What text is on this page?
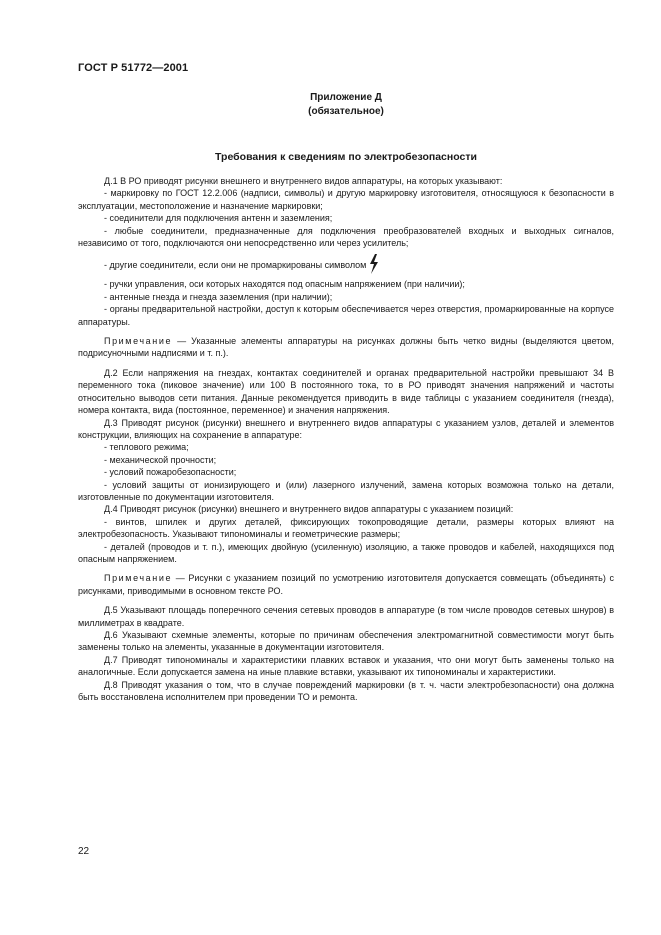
ГОСТ Р 51772—2001
Приложение Д
(обязательное)
Требования к сведениям по электробезопасности

Д.1 В РО приводят рисунки внешнего и внутреннего видов аппаратуры, на которых указывают:

- маркировку по ГОСТ 12.2.006 (надписи, символы) и другую маркировку изготовителя, относящуюся к безопасности в эксплуатации, местоположение и назначение маркировки;

- соединители для подключения антенн и заземления;

- любые соединители, предназначенные для подключения преобразователей входных и выходных сигналов, независимо от того, подключаются они непосредственно или через усилитель;

- другие соединители, если они не промаркированы символом

- ручки управления, оси которых находятся под опасным напряжением (при наличии);

- антенные гнезда и гнезда заземления (при наличии);

- органы предварительной настройки, доступ к которым обеспечивается через отверстия, промаркированные на корпусе аппаратуры.

Примечание — Указанные элементы аппаратуры на рисунках должны быть четко видны (выделяются цветом, подрисуночными надписями и т. п.).

Д.2 Если напряжения на гнездах, контактах соединителей и органах предварительной настройки превышают 34 В переменного тока (пиковое значение) или 100 В постоянного тока, то в РО приводят значения напряжений и частоты относительно выводов сети питания. Данные рекомендуется приводить в виде таблицы с указанием соединителя (гнезда), номера контакта, вида (постоянное, переменное) и значения напряжения.

Д.3 Приводят рисунок (рисунки) внешнего и внутреннего видов аппаратуры с указанием узлов, деталей и элементов конструкции, влияющих на сохранение в аппаратуре:

- теплового режима;

- механической прочности;

- условий пожаробезопасности;

- условий защиты от ионизирующего и (или) лазерного излучений, замена которых возможна только на детали, изготовленные по документации изготовителя.

Д.4 Приводят рисунок (рисунки) внешнего и внутреннего видов аппаратуры с указанием позиций:

- винтов, шпилек и других деталей, фиксирующих токопроводящие детали, размеры которых влияют на электробезопасность. Указывают типономиналы и геометрические размеры;

- деталей (проводов и т. п.), имеющих двойную (усиленную) изоляцию, а также проводов и кабелей, находящихся под опасным напряжением.

Примечание — Рисунки с указанием позиций по усмотрению изготовителя допускается совмещать (объединять) с рисунками, приводимыми в основном тексте РО.

Д.5 Указывают площадь поперечного сечения сетевых проводов в аппаратуре (в том числе проводов сетевых шнуров) в миллиметрах в квадрате.

Д.6 Указывают схемные элементы, которые по причинам обеспечения электромагнитной совместимости могут быть заменены только на элементы, указанные в документации изготовителя.

Д.7 Приводят типономиналы и характеристики плавких вставок и указания, что они могут быть заменены только на аналогичные. Если допускается замена на иные плавкие вставки, указывают их типономиналы и характеристики.

Д.8 Приводят указания о том, что в случае повреждений маркировки (в т. ч. части электробезопасности) она должна быть восстановлена исполнителем при проведении ТО и ремонта.

22
